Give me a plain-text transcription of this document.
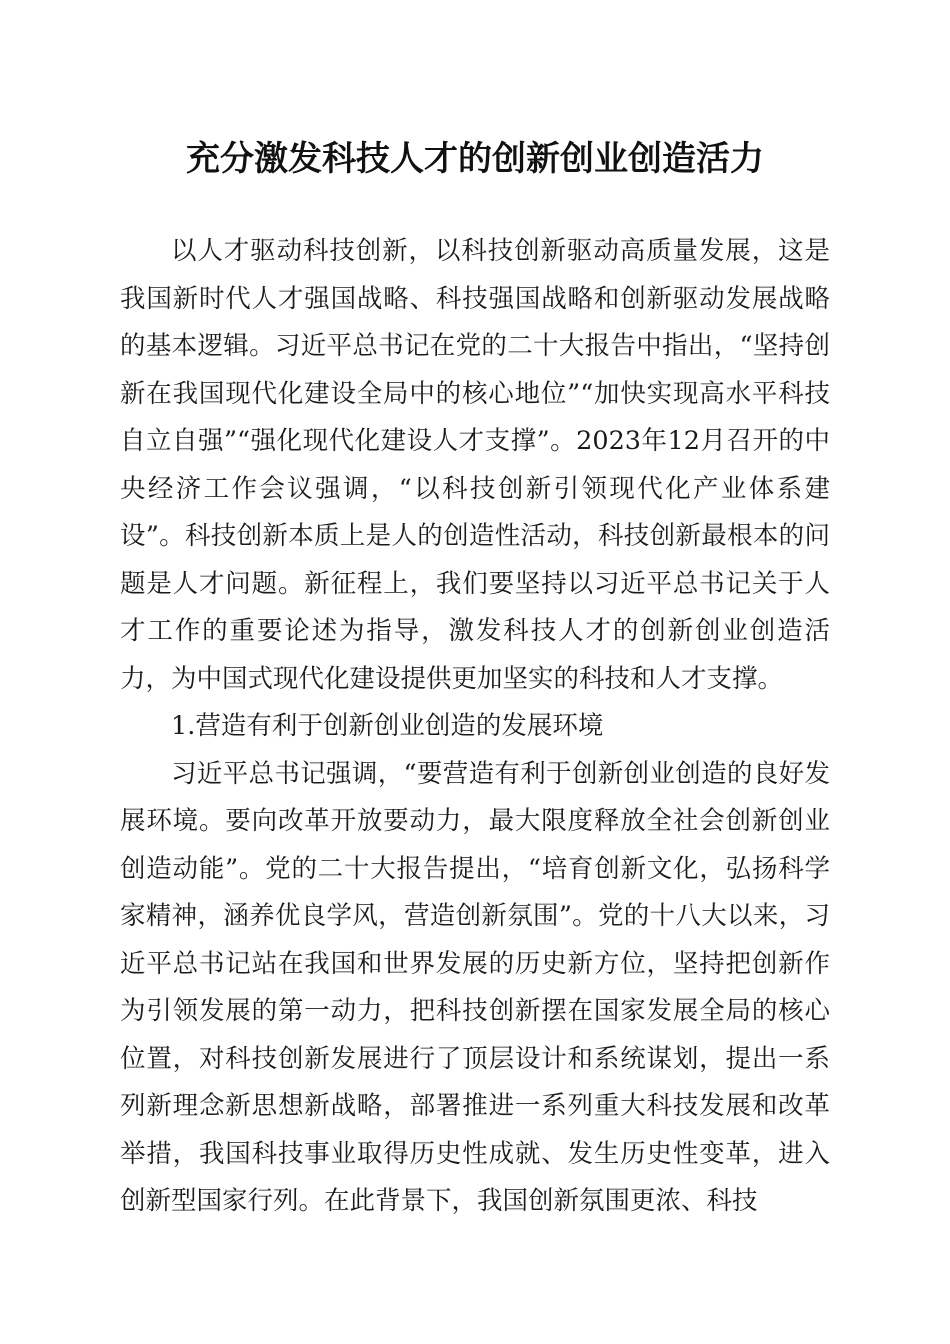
充分激发科技人才的创新创业创造活力

以人才驱动科技创新，以科技创新驱动高质量发展，这是我国新时代人才强国战略、科技强国战略和创新驱动发展战略的基本逻辑。习近平总书记在党的二十大报告中指出，“坚持创新在我国现代化建设全局中的核心地位”“加快实现高水平科技自立自强”“强化现代化建设人才支撑”。2023年12月召开的中央经济工作会议强调，“以科技创新引领现代化产业体系建设”。科技创新本质上是人的创造性活动，科技创新最根本的问题是人才问题。新征程上，我们要坚持以习近平总书记关于人才工作的重要论述为指导，激发科技人才的创新创业创造活力，为中国式现代化建设提供更加坚实的科技和人才支撑。

1.营造有利于创新创业创造的发展环境

习近平总书记强调，“要营造有利于创新创业创造的良好发展环境。要向改革开放要动力，最大限度释放全社会创新创业创造动能”。党的二十大报告提出，“培育创新文化，弘扬科学家精神，涵养优良学风，营造创新氛围”。党的十八大以来，习近平总书记站在我国和世界发展的历史新方位，坚持把创新作为引领发展的第一动力，把科技创新摆在国家发展全局的核心位置，对科技创新发展进行了顶层设计和系统谋划，提出一系列新理念新思想新战略，部署推进一系列重大科技发展和改革举措，我国科技事业取得历史性成就、发生历史性变革，进入创新型国家行列。在此背景下，我国创新氛围更浓、科技
